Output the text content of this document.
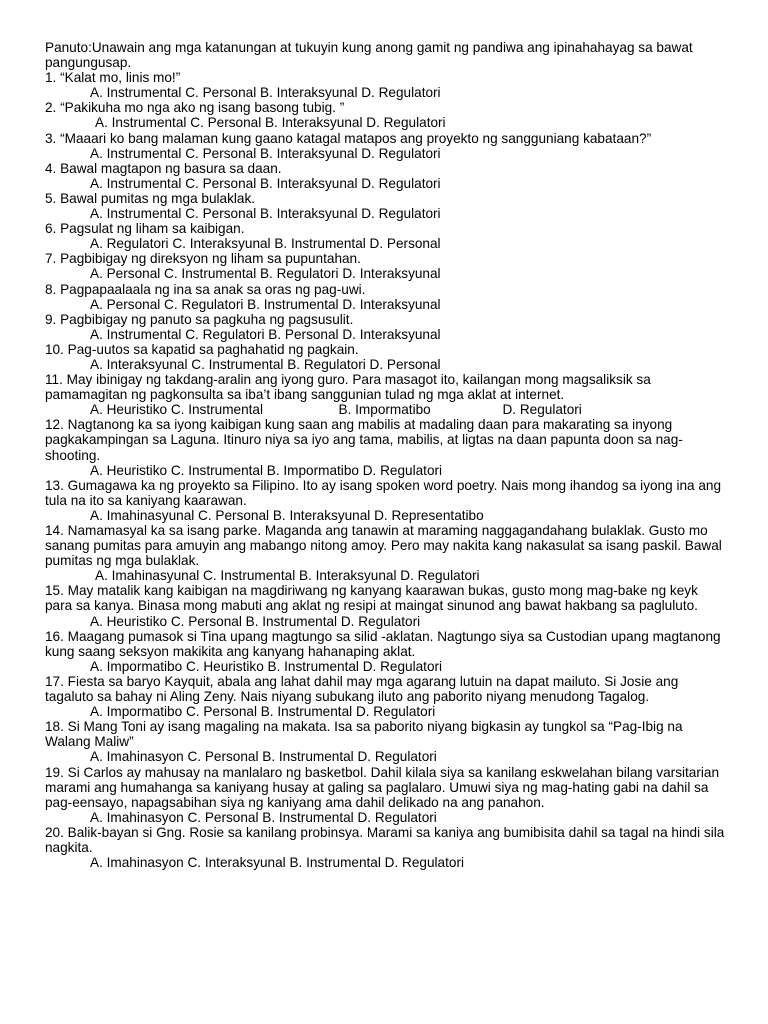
Panuto:Unawain ang mga katanungan at tukuyin kung anong gamit ng pandiwa ang ipinahahayag sa bawat pangungusap.

1. “Kalat mo, linis mo!”

A. Instrumental C. Personal B. Interaksyunal D. Regulatori

2. “Pakikuha mo nga ako ng isang basong tubig. ”

A. Instrumental C. Personal B. Interaksyunal D. Regulatori

3. “Maaari ko bang malaman kung gaano katagal matapos ang proyekto ng sangguniang kabataan?”

A. Instrumental C. Personal B. Interaksyunal D. Regulatori

4. Bawal magtapon ng basura sa daan.

A. Instrumental C. Personal B. Interaksyunal D. Regulatori

5. Bawal pumitas ng mga bulaklak.

A. Instrumental C. Personal B. Interaksyunal D. Regulatori

6. Pagsulat ng liham sa kaibigan.

A. Regulatori C. Interaksyunal B. Instrumental D. Personal

7. Pagbibigay ng direksyon ng liham sa pupuntahan.

A. Personal C. Instrumental B. Regulatori D. Interaksyunal

8. Pagpapaalaala ng ina sa anak sa oras ng pag-uwi.

A. Personal C. Regulatori B. Instrumental D. Interaksyunal

9. Pagbibigay ng panuto sa pagkuha ng pagsusulit.

A. Instrumental C. Regulatori B. Personal D. Interaksyunal

10. Pag-uutos sa kapatid sa paghahatid ng pagkain.

A. Interaksyunal C. Instrumental B. Regulatori D. Personal

11. May ibinigay ng takdang-aralin ang iyong guro. Para masagot ito, kailangan mong magsaliksik sa pamamagitan ng pagkonsulta sa iba’t ibang sanggunian tulad ng mga aklat at internet.

A. Heuristiko C. Instrumental                    B. Impormatibo                   D. Regulatori

12. Nagtanong ka sa iyong kaibigan kung saan ang mabilis at madaling daan para makarating sa inyong pagkakampingan sa Laguna. Itinuro niya sa iyo ang tama, mabilis, at ligtas na daan papunta doon sa nag-shooting.

A. Heuristiko C. Instrumental B. Impormatibo D. Regulatori

13. Gumagawa ka ng proyekto sa Filipino. Ito ay isang spoken word poetry. Nais mong ihandog sa iyong ina ang tula na ito sa kaniyang kaarawan.

A. Imahinasyunal C. Personal B. Interaksyunal D. Representatibo

14. Namamasyal ka sa isang parke. Maganda ang tanawin at maraming naggagandahang bulaklak. Gusto mo sanang pumitas para amuyin ang mabango nitong amoy. Pero may nakita kang nakasulat sa isang paskil. Bawal pumitas ng mga bulaklak.

A. Imahinasyunal C. Instrumental B. Interaksyunal D. Regulatori

15. May matalik kang kaibigan na magdiriwang ng kanyang kaarawan bukas, gusto mong mag-bake ng keyk para sa kanya. Binasa mong mabuti ang aklat ng resipi at maingat sinunod ang bawat hakbang sa pagluluto.

A. Heuristiko C. Personal B. Instrumental D. Regulatori

16. Maagang pumasok si Tina upang magtungo sa silid -aklatan. Nagtungo siya sa Custodian upang magtanong kung saang seksyon makikita ang kanyang hahanaping aklat.

A. Impormatibo C. Heuristiko B. Instrumental D. Regulatori

17. Fiesta sa baryo Kayquit, abala ang lahat dahil may mga agarang lutuin na dapat mailuto. Si Josie ang tagaluto sa bahay ni Aling Zeny. Nais niyang subukang iluto ang paborito niyang menudong Tagalog.

A. Impormatibo C. Personal B. Instrumental D. Regulatori

18. Si Mang Toni ay isang magaling na makata. Isa sa paborito niyang bigkasin ay tungkol sa “Pag-Ibig na Walang Maliw”

A. Imahinasyon C. Personal B. Instrumental D. Regulatori

19. Si Carlos ay mahusay na manlalaro ng basketbol. Dahil kilala siya sa kanilang eskwelahan bilang varsitarian marami ang humahanga sa kaniyang husay at galing sa paglalaro. Umuwi siya ng mag-hating gabi na dahil sa pag-eensayo, napagsabihan siya ng kaniyang ama dahil delikado na ang panahon.

A. Imahinasyon C. Personal B. Instrumental D. Regulatori

20. Balik-bayan si Gng. Rosie sa kanilang probinsya. Marami sa kaniya ang bumibisita dahil sa tagal na hindi sila nagkita.

A. Imahinasyon C. Interaksyunal B. Instrumental D. Regulatori
